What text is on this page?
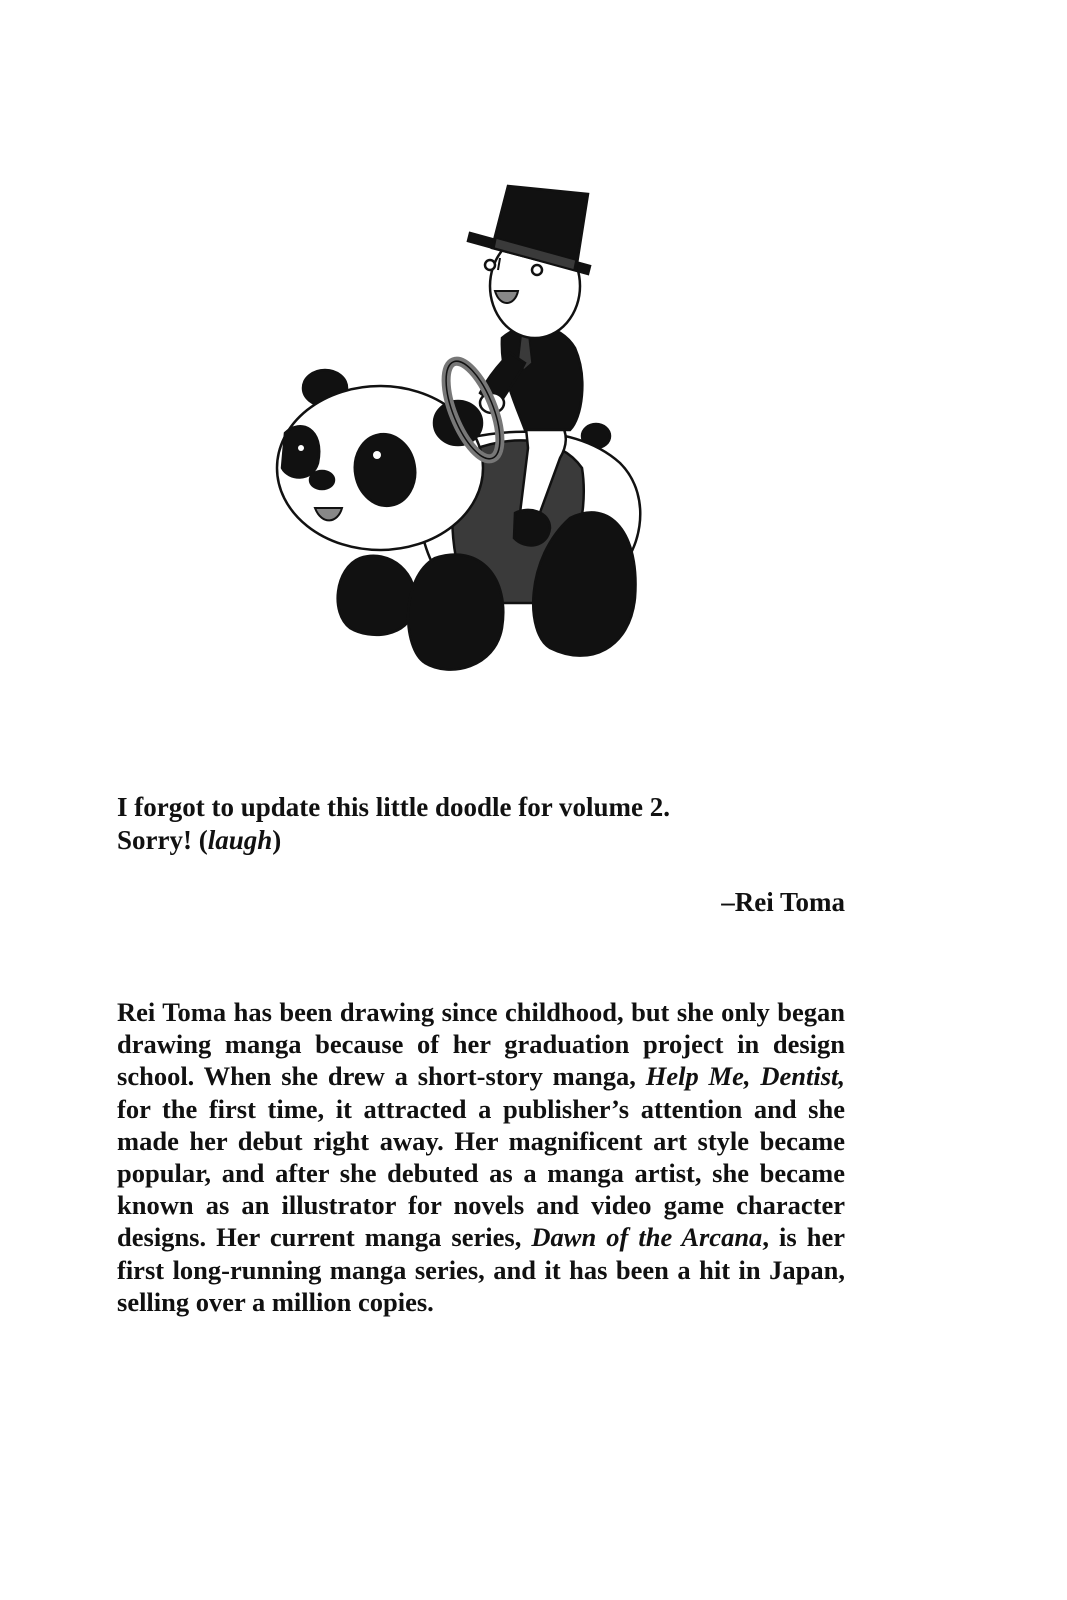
I forgot to update this little doodle for volume 2.

Sorry! (laugh)

–Rei Toma

Rei Toma has been drawing since childhood, but she only began drawing manga because of her graduation project in design school. When she drew a short-story manga, Help Me, Dentist, for the first time, it attracted a publisher’s attention and she made her debut right away. Her magnificent art style became popular, and after she debuted as a manga artist, she became known as an illustrator for novels and video game character designs. Her current manga series, Dawn of the Arcana, is her first long-running manga series, and it has been a hit in Japan, selling over a million copies.
